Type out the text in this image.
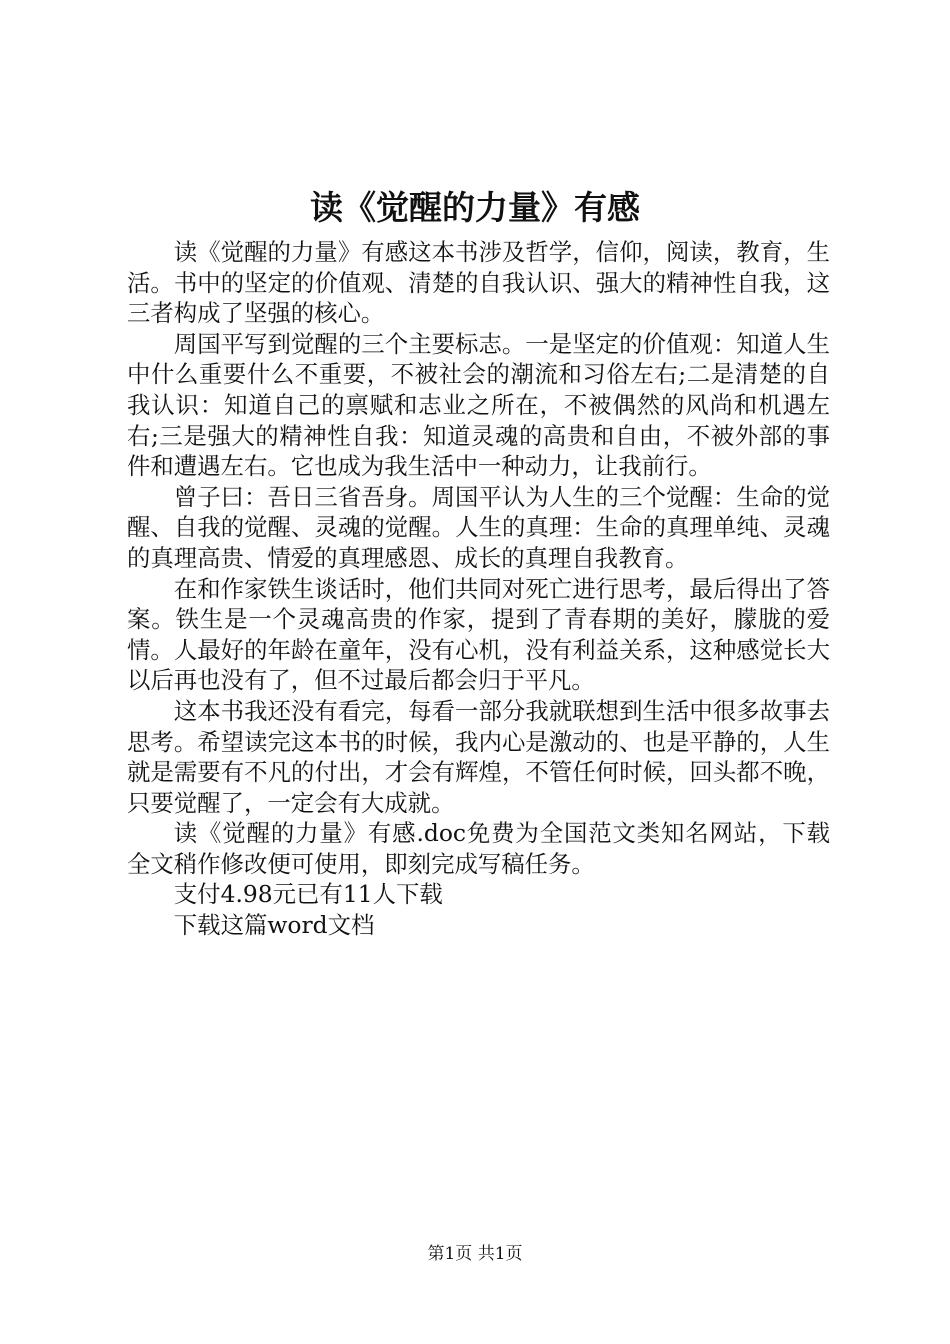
读《觉醒的力量》有感

读《觉醒的力量》有感这本书涉及哲学，信仰，阅读，教育，生活。书中的坚定的价值观、清楚的自我认识、强大的精神性自我，这三者构成了坚强的核心。

周国平写到觉醒的三个主要标志。一是坚定的价值观：知道人生中什么重要什么不重要，不被社会的潮流和习俗左右;二是清楚的自我认识：知道自己的禀赋和志业之所在，不被偶然的风尚和机遇左右;三是强大的精神性自我：知道灵魂的高贵和自由，不被外部的事件和遭遇左右。它也成为我生活中一种动力，让我前行。

曾子曰：吾日三省吾身。周国平认为人生的三个觉醒：生命的觉醒、自我的觉醒、灵魂的觉醒。人生的真理：生命的真理单纯、灵魂的真理高贵、情爱的真理感恩、成长的真理自我教育。

在和作家铁生谈话时，他们共同对死亡进行思考，最后得出了答案。铁生是一个灵魂高贵的作家，提到了青春期的美好，朦胧的爱情。人最好的年龄在童年，没有心机，没有利益关系，这种感觉长大以后再也没有了，但不过最后都会归于平凡。

这本书我还没有看完，每看一部分我就联想到生活中很多故事去思考。希望读完这本书的时候，我内心是激动的、也是平静的，人生就是需要有不凡的付出，才会有辉煌，不管任何时候，回头都不晚，只要觉醒了，一定会有大成就。

读《觉醒的力量》有感.doc免费为全国范文类知名网站，下载全文稍作修改便可使用，即刻完成写稿任务。

支付4.98元已有11人下载

下载这篇word文档

第1页 共1页
